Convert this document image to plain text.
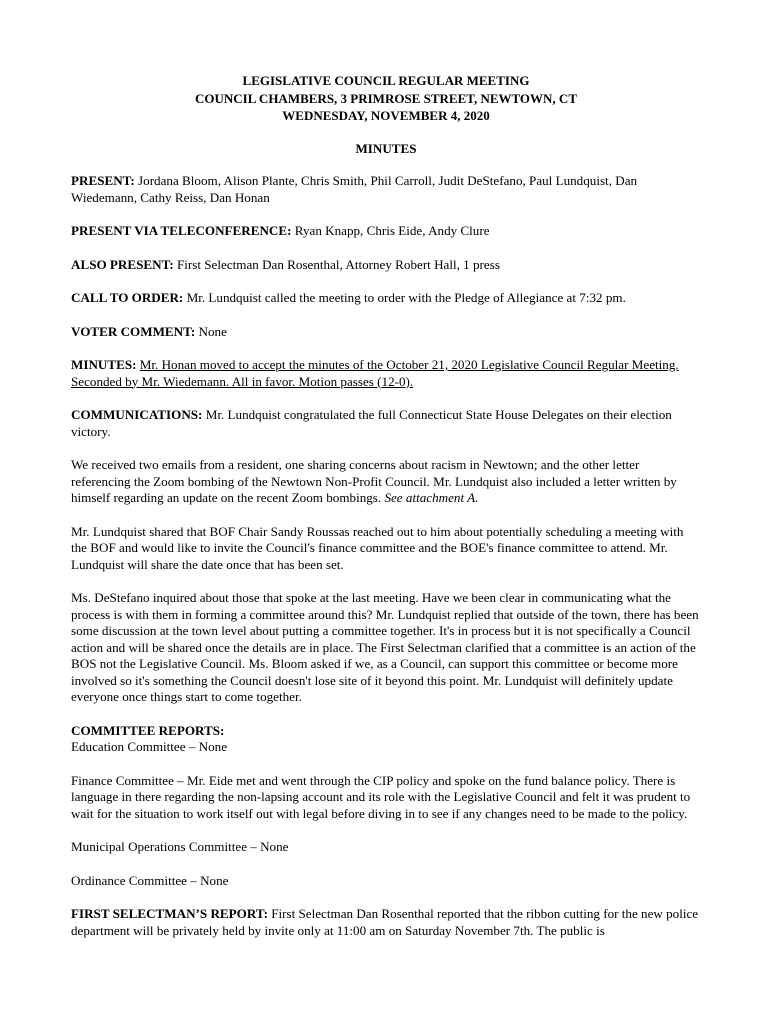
LEGISLATIVE COUNCIL REGULAR MEETING
COUNCIL CHAMBERS, 3 PRIMROSE STREET, NEWTOWN, CT
WEDNESDAY, NOVEMBER 4, 2020
MINUTES

PRESENT: Jordana Bloom, Alison Plante, Chris Smith, Phil Carroll, Judit DeStefano, Paul Lundquist, Dan Wiedemann, Cathy Reiss, Dan Honan

PRESENT VIA TELECONFERENCE: Ryan Knapp, Chris Eide, Andy Clure

ALSO PRESENT: First Selectman Dan Rosenthal, Attorney Robert Hall, 1 press

CALL TO ORDER: Mr. Lundquist called the meeting to order with the Pledge of Allegiance at 7:32 pm.

VOTER COMMENT: None

MINUTES: Mr. Honan moved to accept the minutes of the October 21, 2020 Legislative Council Regular Meeting. Seconded by Mr. Wiedemann. All in favor. Motion passes (12-0).

COMMUNICATIONS: Mr. Lundquist congratulated the full Connecticut State House Delegates on their election victory.

We received two emails from a resident, one sharing concerns about racism in Newtown; and the other letter referencing the Zoom bombing of the Newtown Non-Profit Council. Mr. Lundquist also included a letter written by himself regarding an update on the recent Zoom bombings. See attachment A.

Mr. Lundquist shared that BOF Chair Sandy Roussas reached out to him about potentially scheduling a meeting with the BOF and would like to invite the Council's finance committee and the BOE's finance committee to attend. Mr. Lundquist will share the date once that has been set.

Ms. DeStefano inquired about those that spoke at the last meeting. Have we been clear in communicating what the process is with them in forming a committee around this? Mr. Lundquist replied that outside of the town, there has been some discussion at the town level about putting a committee together. It's in process but it is not specifically a Council action and will be shared once the details are in place. The First Selectman clarified that a committee is an action of the BOS not the Legislative Council. Ms. Bloom asked if we, as a Council, can support this committee or become more involved so it's something the Council doesn't lose site of it beyond this point. Mr. Lundquist will definitely update everyone once things start to come together.

COMMITTEE REPORTS:

Education Committee – None

Finance Committee – Mr. Eide met and went through the CIP policy and spoke on the fund balance policy. There is language in there regarding the non-lapsing account and its role with the Legislative Council and felt it was prudent to wait for the situation to work itself out with legal before diving in to see if any changes need to be made to the policy.

Municipal Operations Committee – None

Ordinance Committee – None

FIRST SELECTMAN’S REPORT: First Selectman Dan Rosenthal reported that the ribbon cutting for the new police department will be privately held by invite only at 11:00 am on Saturday November 7th. The public is
